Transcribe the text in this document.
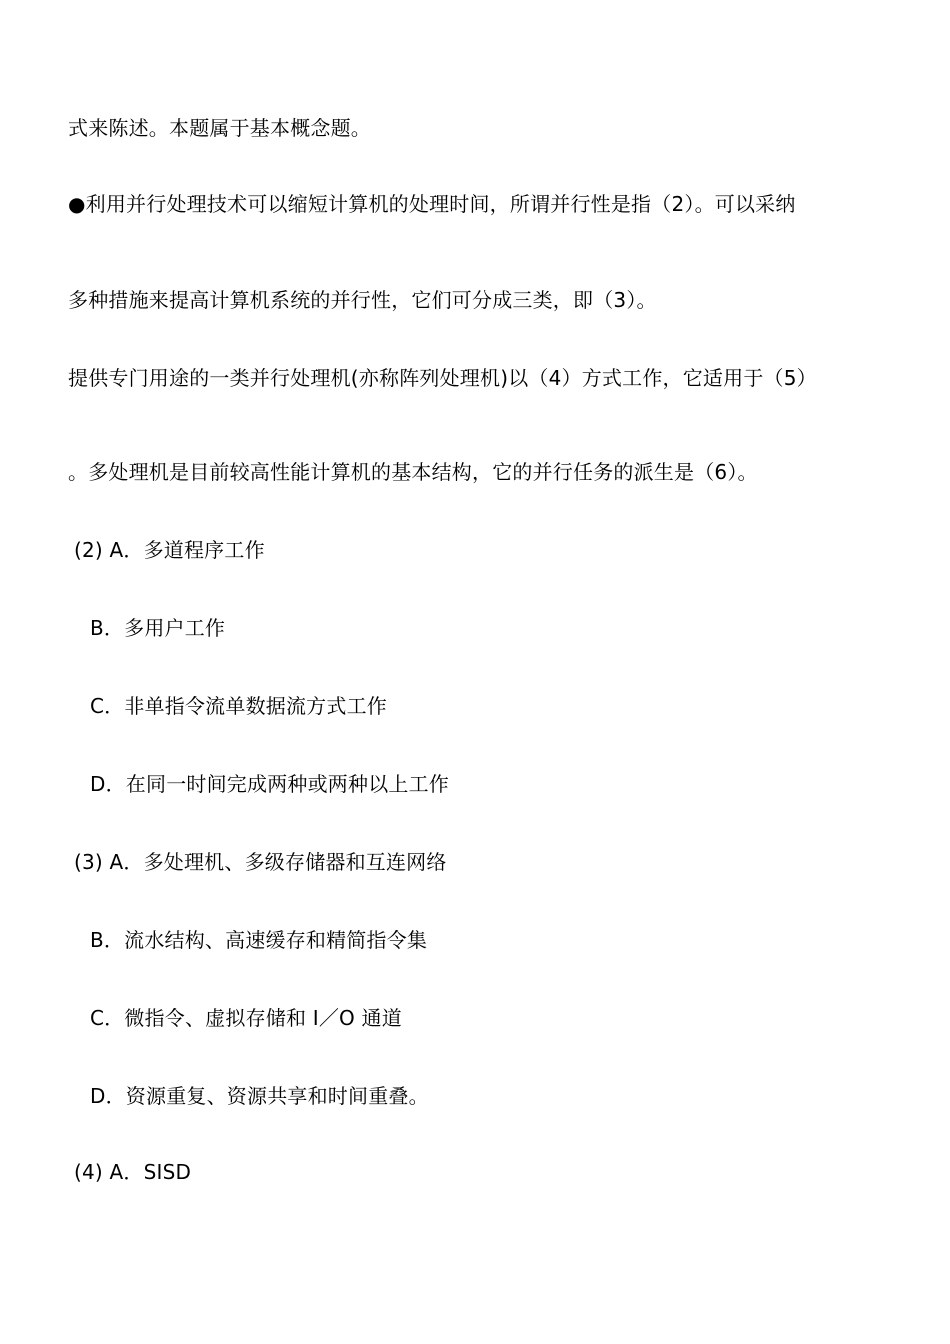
式来陈述。本题属于基本概念题。
●利用并行处理技术可以缩短计算机的处理时间，所谓并行性是指（2）。可以采纳
多种措施来提高计算机系统的并行性，它们可分成三类，即（3）。
提供专门用途的一类并行处理机(亦称阵列处理机)以（4）方式工作，它适用于（5）
。多处理机是目前较高性能计算机的基本结构，它的并行任务的派生是（6）。
(2) A．多道程序工作
B．多用户工作
C．非单指令流单数据流方式工作
D．在同一时间完成两种或两种以上工作
(3) A．多处理机、多级存储器和互连网络
B．流水结构、高速缓存和精简指令集
C．微指令、虚拟存储和 I／O 通道
D．资源重复、资源共享和时间重叠。
(4) A．SISD
